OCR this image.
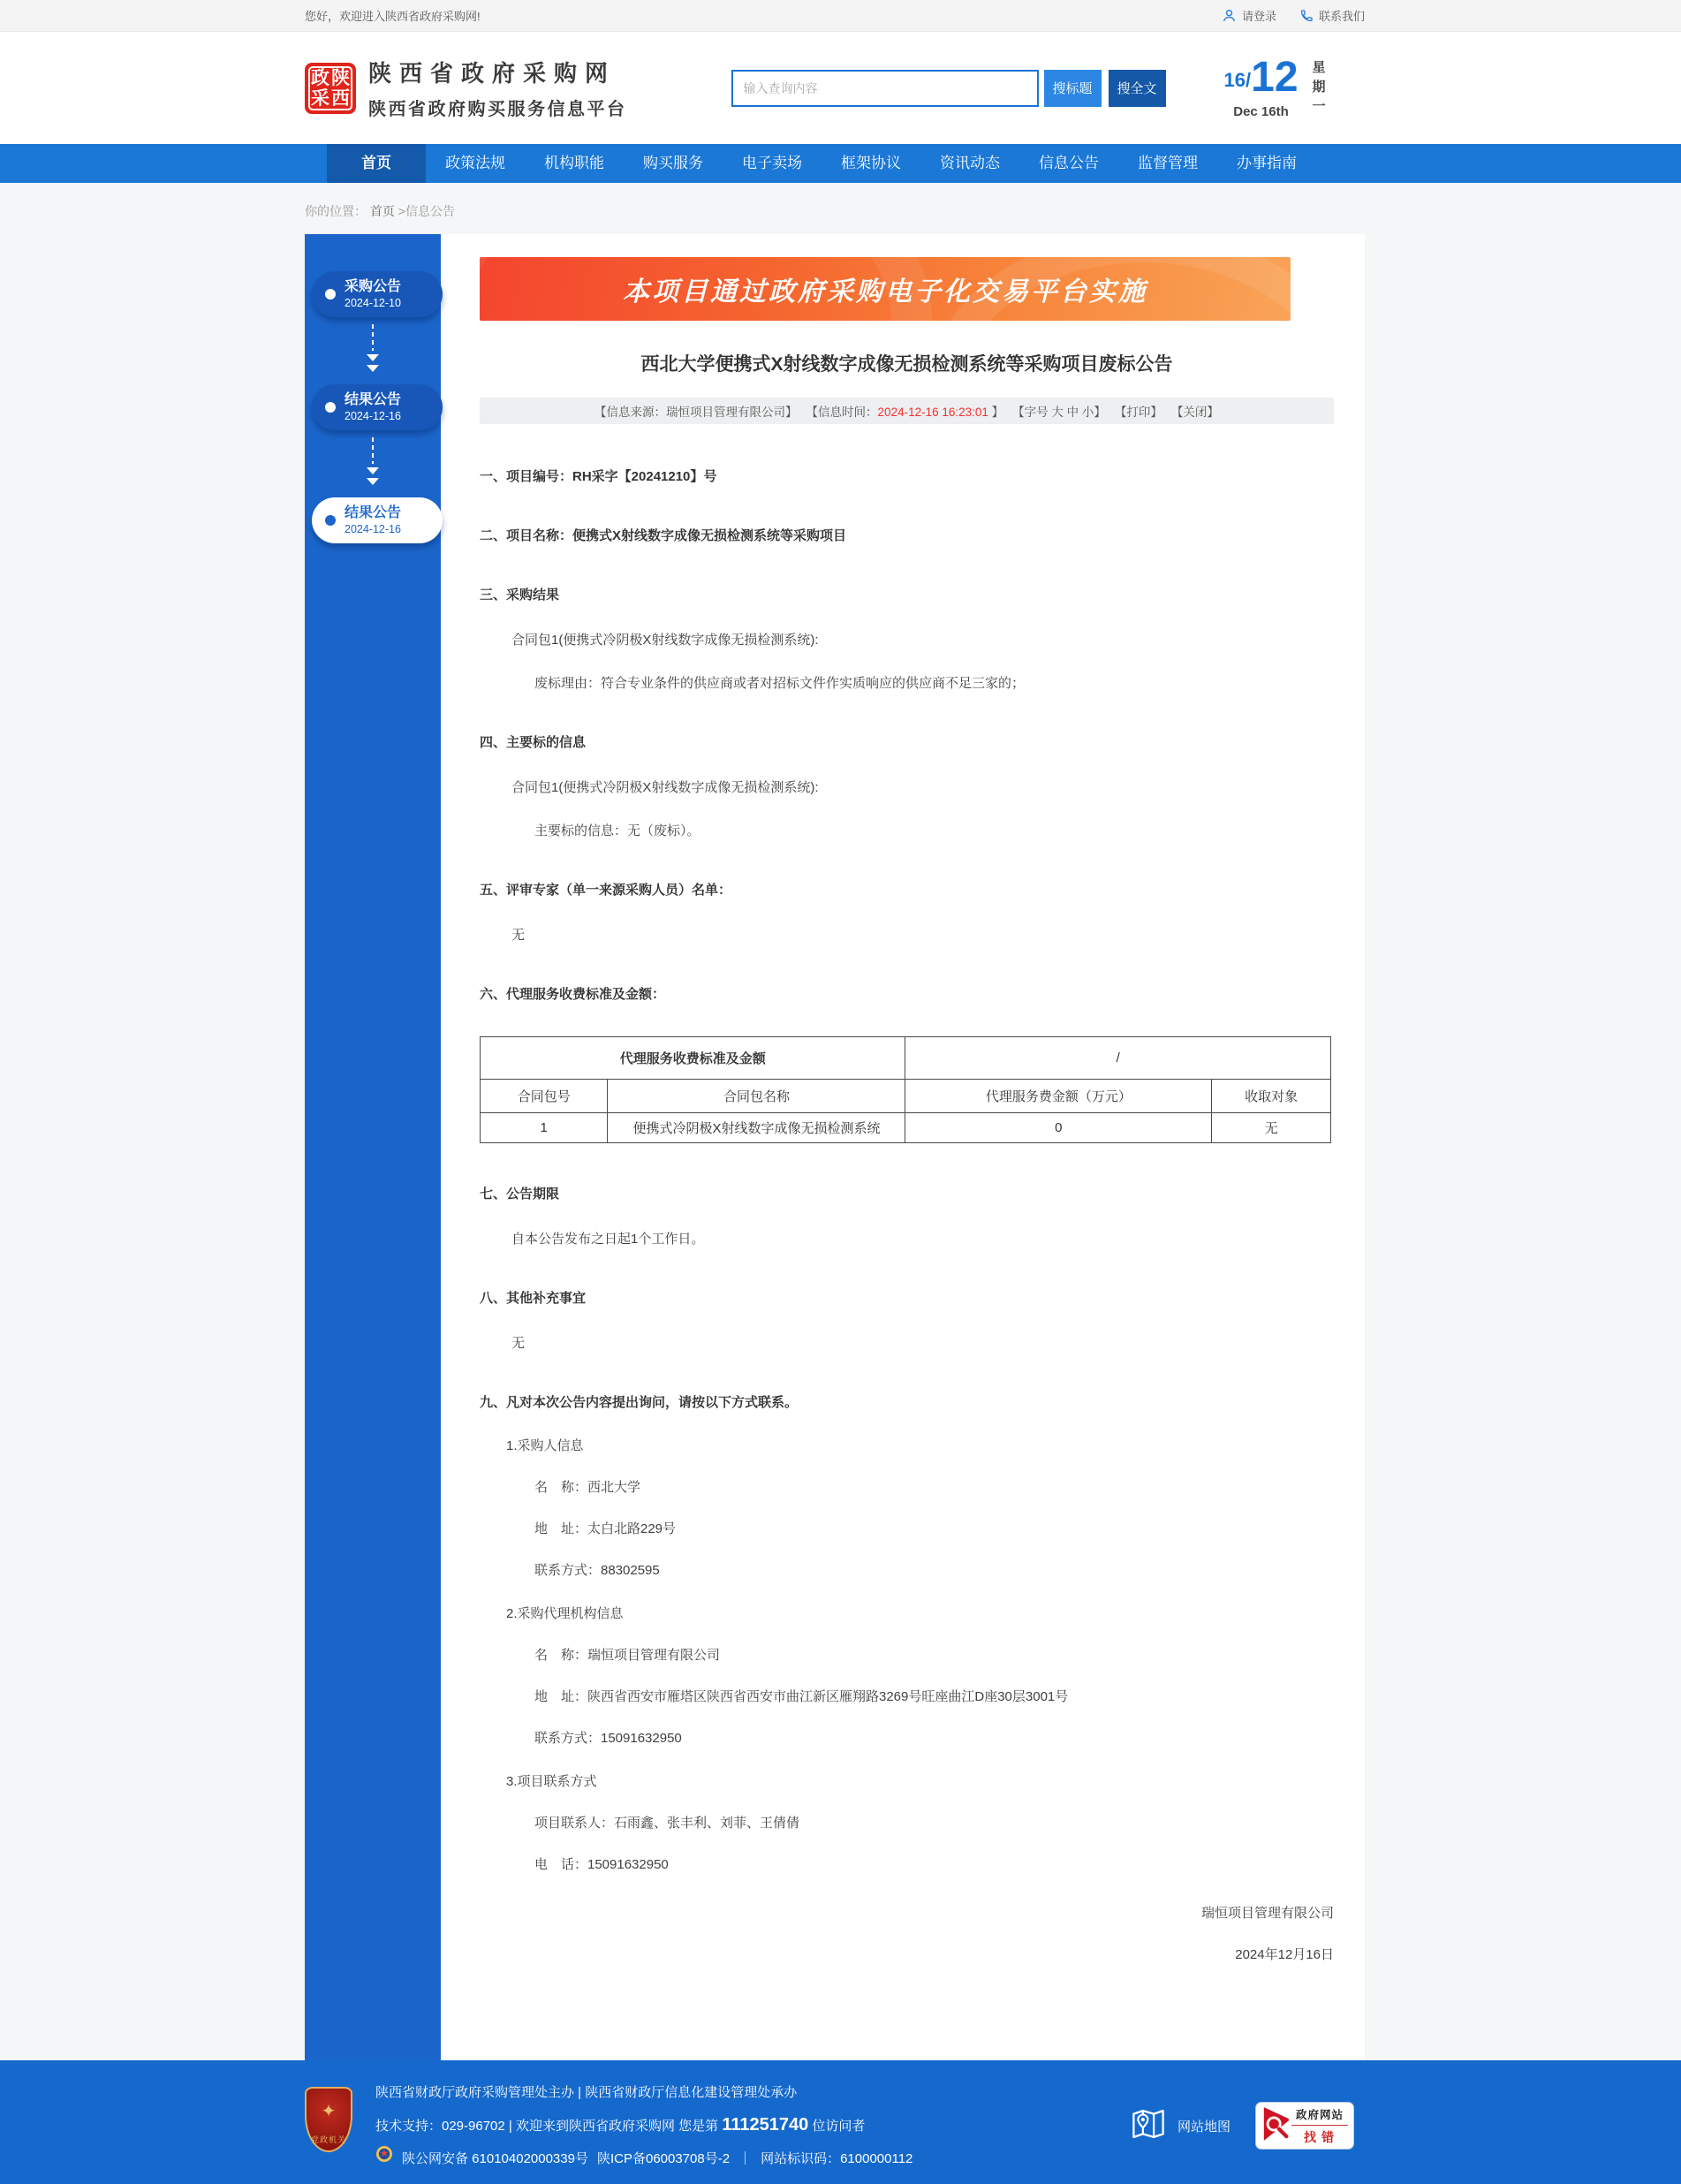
您好，欢迎进入陕西省政府采购网!	请登录	联系我们
政 陕
采 西
陕西省政府采购网
陕西省政府购买服务信息平台
输入查询内容
搜标题	搜全文	16/ 12
Dec 16th	星期一
首页	政策法规	机构职能	购买服务	电子卖场	框架协议	资讯动态	信息公告	监督管理	办事指南
你的位置： 首页 >信息公告
采购公告
2024-12-10
结果公告
2024-12-16
结果公告
2024-12-16
本项目通过政府采购电子化交易平台实施
西北大学便携式X射线数字成像无损检测系统等采购项目废标公告
【信息来源：瑞恒项目管理有限公司】 【信息时间：2024-12-16 16:23:01 】 【字号 大 中 小】 【打印】 【关闭】
一、项目编号：RH采字【20241210】号
二、项目名称：便携式X射线数字成像无损检测系统等采购项目
三、采购结果
合同包1(便携式冷阴极X射线数字成像无损检测系统):
废标理由：符合专业条件的供应商或者对招标文件作实质响应的供应商不足三家的；
四、主要标的信息
合同包1(便携式冷阴极X射线数字成像无损检测系统):
主要标的信息：无（废标）。
五、评审专家（单一来源采购人员）名单：
无
六、代理服务收费标准及金额：
代理服务收费标准及金额		/	
合同包号	合同包名称	代理服务费金额（万元）	收取对象
1	便携式冷阴极X射线数字成像无损检测系统	0	无
七、公告期限
自本公告发布之日起1个工作日。
八、其他补充事宜
无
九、凡对本次公告内容提出询问，请按以下方式联系。
1.采购人信息
名　称：西北大学
地　址：太白北路229号
联系方式：88302595
2.采购代理机构信息
名　称：瑞恒项目管理有限公司
地　址：陕西省西安市雁塔区陕西省西安市曲江新区雁翔路3269号旺座曲江D座30层3001号
联系方式：15091632950
3.项目联系方式
项目联系人：石雨鑫、张丰利、刘菲、王倩倩
电　话：15091632950
瑞恒项目管理有限公司
2024年12月16日
✦
党政机关
陕西省财政厅政府采购管理处主办 | 陕西省财政厅信息化建设管理处承办
技术支持：029-96702 | 欢迎来到陕西省政府采购网 您是第 111251740 位访问者
陕公网安备 61010402000339号 陕ICP备06003708号-2 ｜ 网站标识码：6100000112
网站地图
政府网站
找错
